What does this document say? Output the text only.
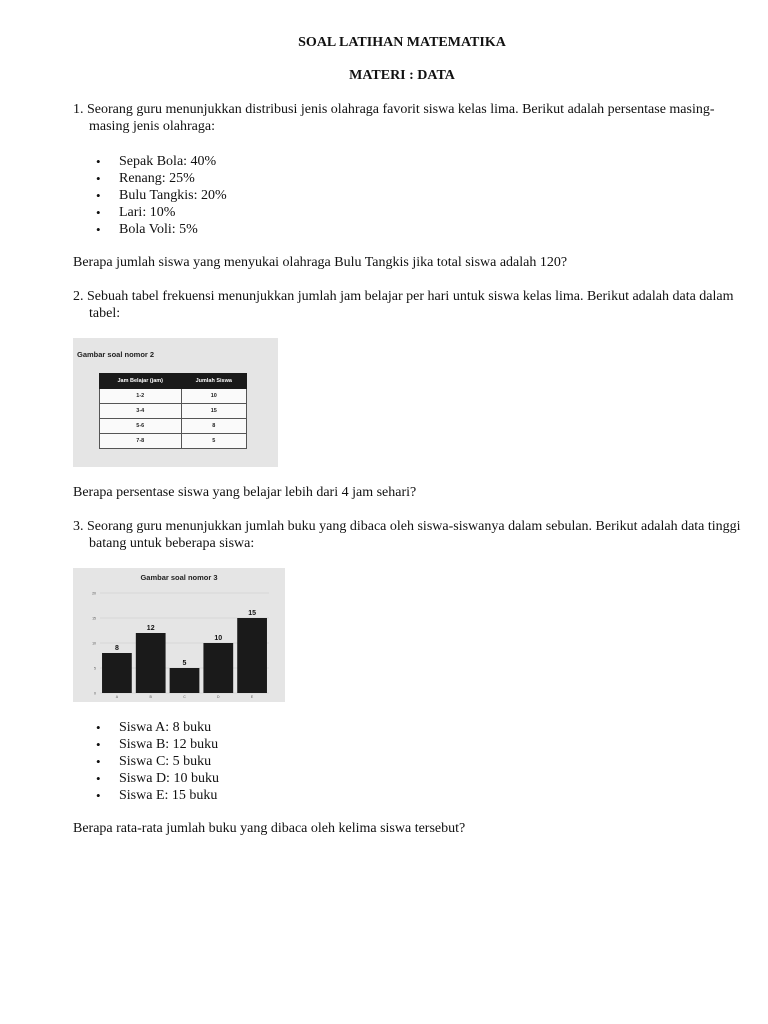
SOAL LATIHAN MATEMATIKA
MATERI : DATA
1. Seorang guru menunjukkan distribusi jenis olahraga favorit siswa kelas lima. Berikut adalah persentase masing-masing jenis olahraga:
• Sepak Bola: 40%
• Renang: 25%
• Bulu Tangkis: 20%
• Lari: 10%
• Bola Voli: 5%
Berapa jumlah siswa yang menyukai olahraga Bulu Tangkis jika total siswa adalah 120?
2. Sebuah tabel frekuensi menunjukkan jumlah jam belajar per hari untuk siswa kelas lima. Berikut adalah data dalam tabel:
Gambar soal nomor 2
Jam Belajar (jam)	Jumlah Siswa
1-2	10
3-4	15
5-6	8
7-8	5
Berapa persentase siswa yang belajar lebih dari 4 jam sehari?
3. Seorang guru menunjukkan jumlah buku yang dibaca oleh siswa-siswanya dalam sebulan. Berikut adalah data tinggi batang untuk beberapa siswa:
Gambar soal nomor 3
0
5
10
15
20
8
A
12
B
5
C
10
D
15
E
• Siswa A: 8 buku
• Siswa B: 12 buku
• Siswa C: 5 buku
• Siswa D: 10 buku
• Siswa E: 15 buku
Berapa rata-rata jumlah buku yang dibaca oleh kelima siswa tersebut?
